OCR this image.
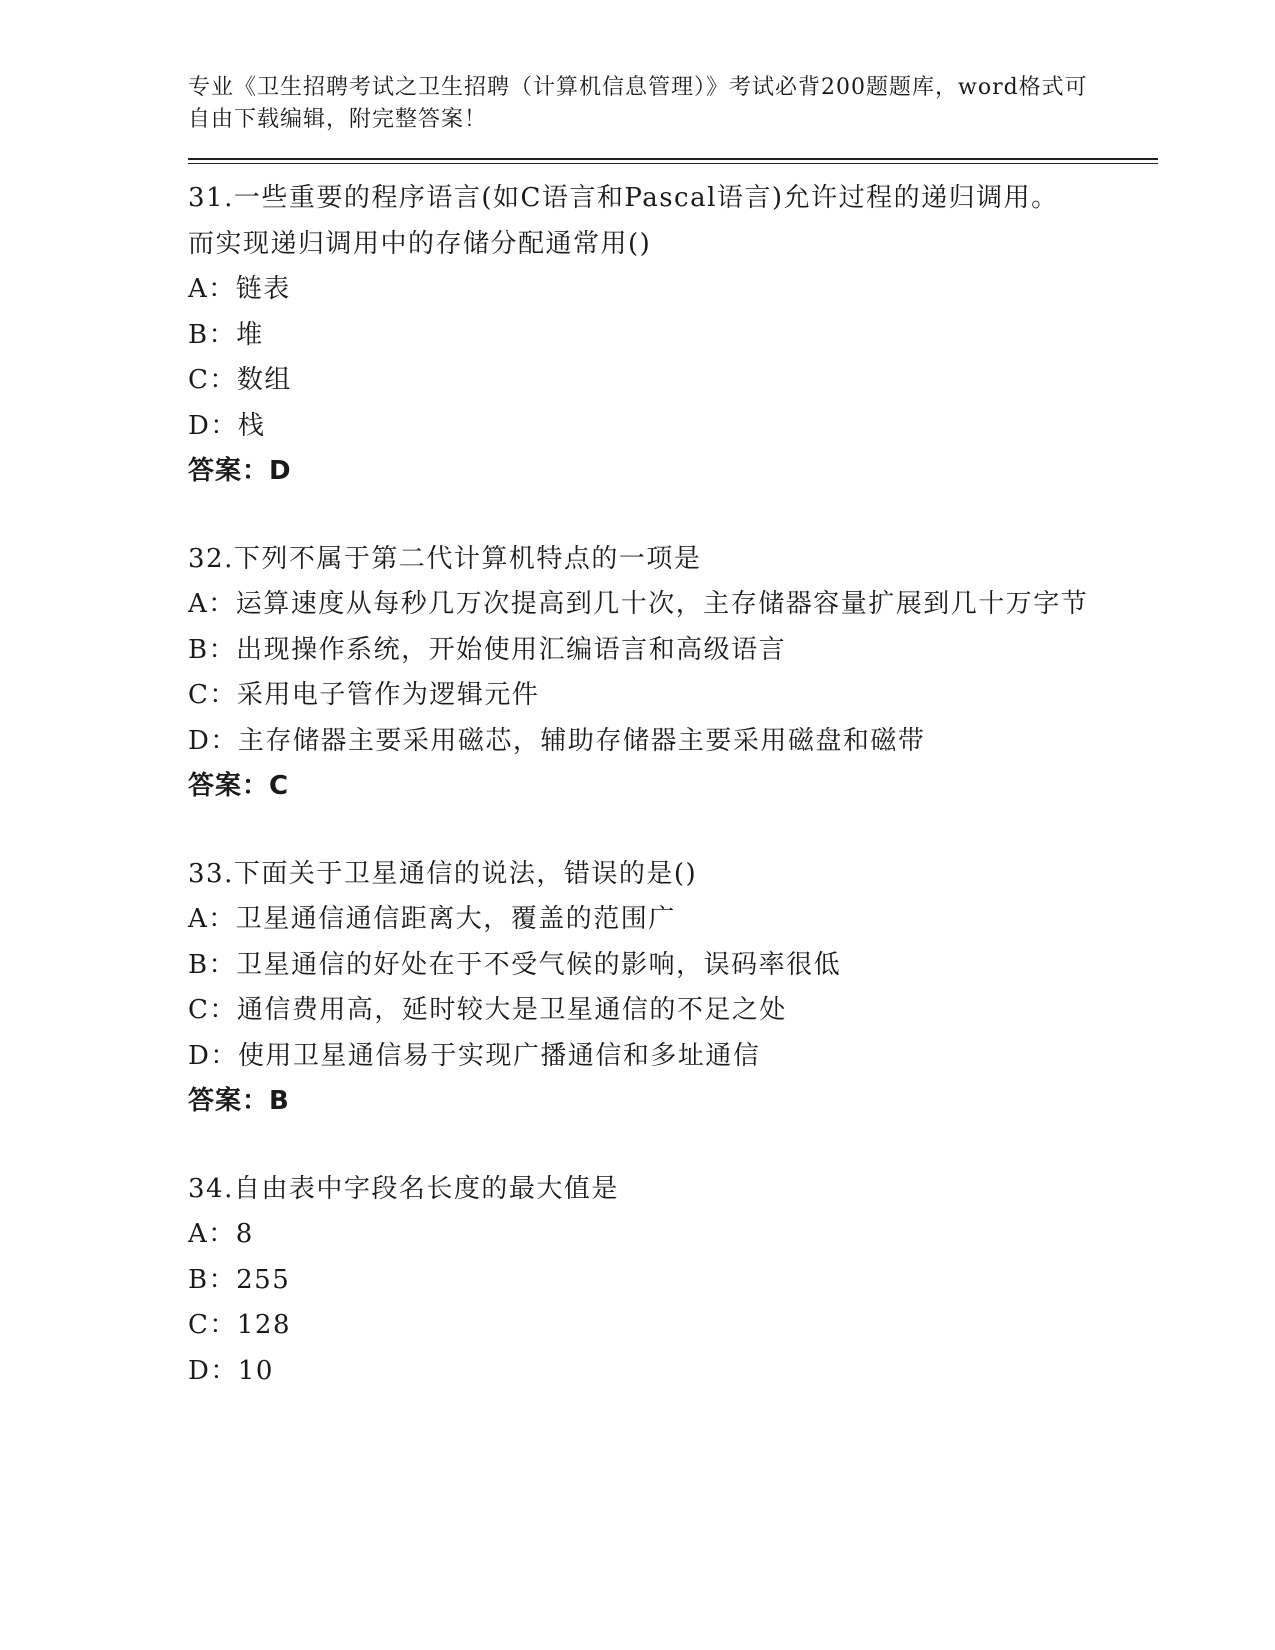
专业《卫生招聘考试之卫生招聘（计算机信息管理）》考试必背200题题库，word格式可自由下载编辑，附完整答案！

31.一些重要的程序语言(如C语言和Pascal语言)允许过程的递归调用。而实现递归调用中的存储分配通常用()

A：链表

B：堆

C：数组

D：栈

答案：D

32.下列不属于第二代计算机特点的一项是

A：运算速度从每秒几万次提高到几十次，主存储器容量扩展到几十万字节

B：出现操作系统，开始使用汇编语言和高级语言

C：采用电子管作为逻辑元件

D：主存储器主要采用磁芯，辅助存储器主要采用磁盘和磁带

答案：C

33.下面关于卫星通信的说法，错误的是()

A：卫星通信通信距离大，覆盖的范围广

B：卫星通信的好处在于不受气候的影响，误码率很低

C：通信费用高，延时较大是卫星通信的不足之处

D：使用卫星通信易于实现广播通信和多址通信

答案：B

34.自由表中字段名长度的最大值是

A：8

B：255

C：128

D：10
